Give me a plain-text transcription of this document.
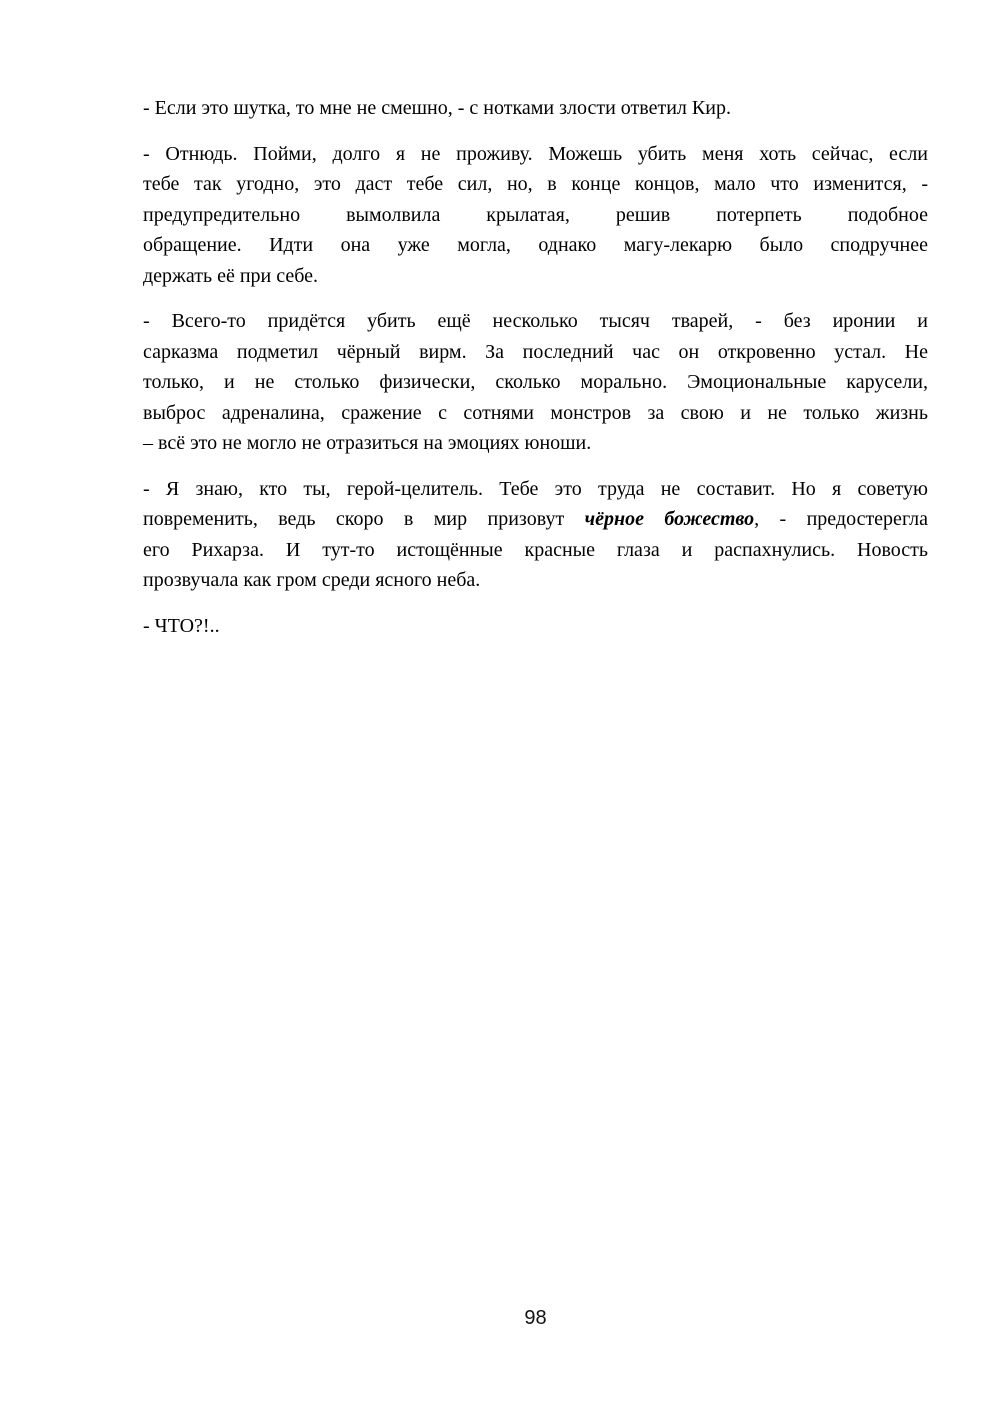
- Если это шутка, то мне не смешно, - с нотками злости ответил Кир.
- Отнюдь. Пойми, долго я не проживу. Можешь убить меня хоть сейчас, если
тебе так угодно, это даст тебе сил, но, в конце концов, мало что изменится, -
предупредительно вымолвила крылатая, решив потерпеть подобное
обращение. Идти она уже могла, однако магу-лекарю было сподручнее
держать её при себе.
- Всего-то придётся убить ещё несколько тысяч тварей, - без иронии и
сарказма подметил чёрный вирм. За последний час он откровенно устал. Не
только, и не столько физически, сколько морально. Эмоциональные карусели,
выброс адреналина, сражение с сотнями монстров за свою и не только жизнь
– всё это не могло не отразиться на эмоциях юноши.
- Я знаю, кто ты, герой-целитель. Тебе это труда не составит. Но я советую
повременить, ведь скоро в мир призовут чёрное божество, - предостерегла
его Рихарза. И тут-то истощённые красные глаза и распахнулись. Новость
прозвучала как гром среди ясного неба.
- ЧТО?!..
98
